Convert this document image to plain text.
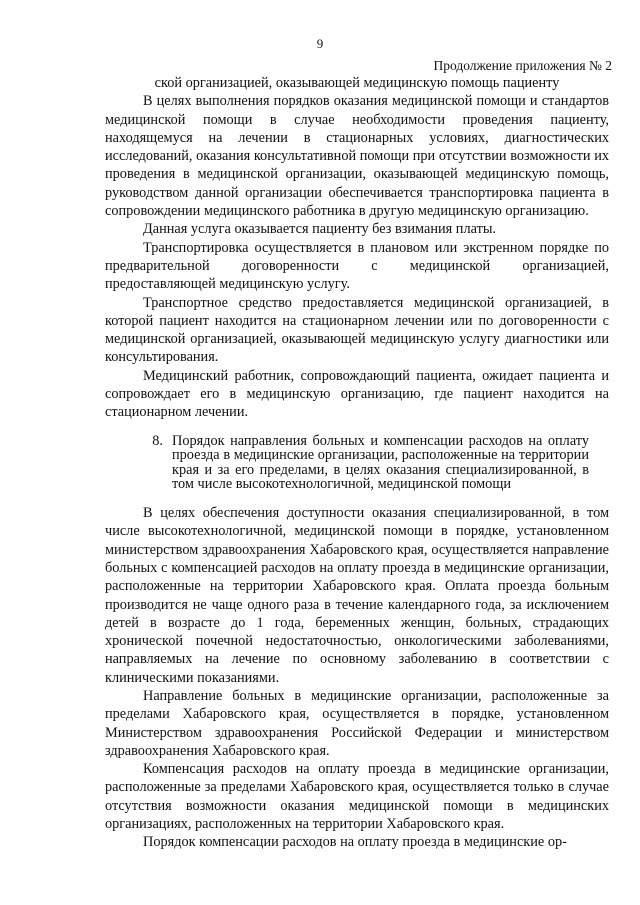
9
Продолжение приложения № 2

ской организацией, оказывающей медицинскую помощь пациенту

В целях выполнения порядков оказания медицинской помощи и стандартов медицинской помощи в случае необходимости проведения пациенту, находящемуся на лечении в стационарных условиях, диагностических исследований, оказания консультативной помощи при отсутствии возможности их проведения в медицинской организации, оказывающей медицинскую помощь, руководством данной организации обеспечивается транспортировка пациента в сопровождении медицинского работника в другую медицинскую организацию.

Данная услуга оказывается пациенту без взимания платы.

Транспортировка осуществляется в плановом или экстренном порядке по предварительной договоренности с медицинской организацией, предоставляющей медицинскую услугу.

Транспортное средство предоставляется медицинской организацией, в которой пациент находится на стационарном лечении или по договоренности с медицинской организацией, оказывающей медицинскую услугу диагностики или консультирования.

Медицинский работник, сопровождающий пациента, ожидает пациента и сопровождает его в медицинскую организацию, где пациент находится на стационарном лечении.

8. Порядок направления больных и компенсации расходов на оплату проезда в медицинские организации, расположенные на территории края и за его пределами, в целях оказания специализированной, в том числе высокотехнологичной, медицинской помощи

В целях обеспечения доступности оказания специализированной, в том числе высокотехнологичной, медицинской помощи в порядке, установленном министерством здравоохранения Хабаровского края, осуществляется направление больных с компенсацией расходов на оплату проезда в медицинские организации, расположенные на территории Хабаровского края. Оплата проезда больным производится не чаще одного раза в течение календарного года, за исключением детей в возрасте до 1 года, беременных женщин, больных, страдающих хронической почечной недостаточностью, онкологическими заболеваниями, направляемых на лечение по основному заболеванию в соответствии с клиническими показаниями.

Направление больных в медицинские организации, расположенные за пределами Хабаровского края, осуществляется в порядке, установленном Министерством здравоохранения Российской Федерации и министерством здравоохранения Хабаровского края.

Компенсация расходов на оплату проезда в медицинские организации, расположенные за пределами Хабаровского края, осуществляется только в случае отсутствия возможности оказания медицинской помощи в медицинских организациях, расположенных на территории Хабаровского края.

Порядок компенсации расходов на оплату проезда в медицинские ор-
